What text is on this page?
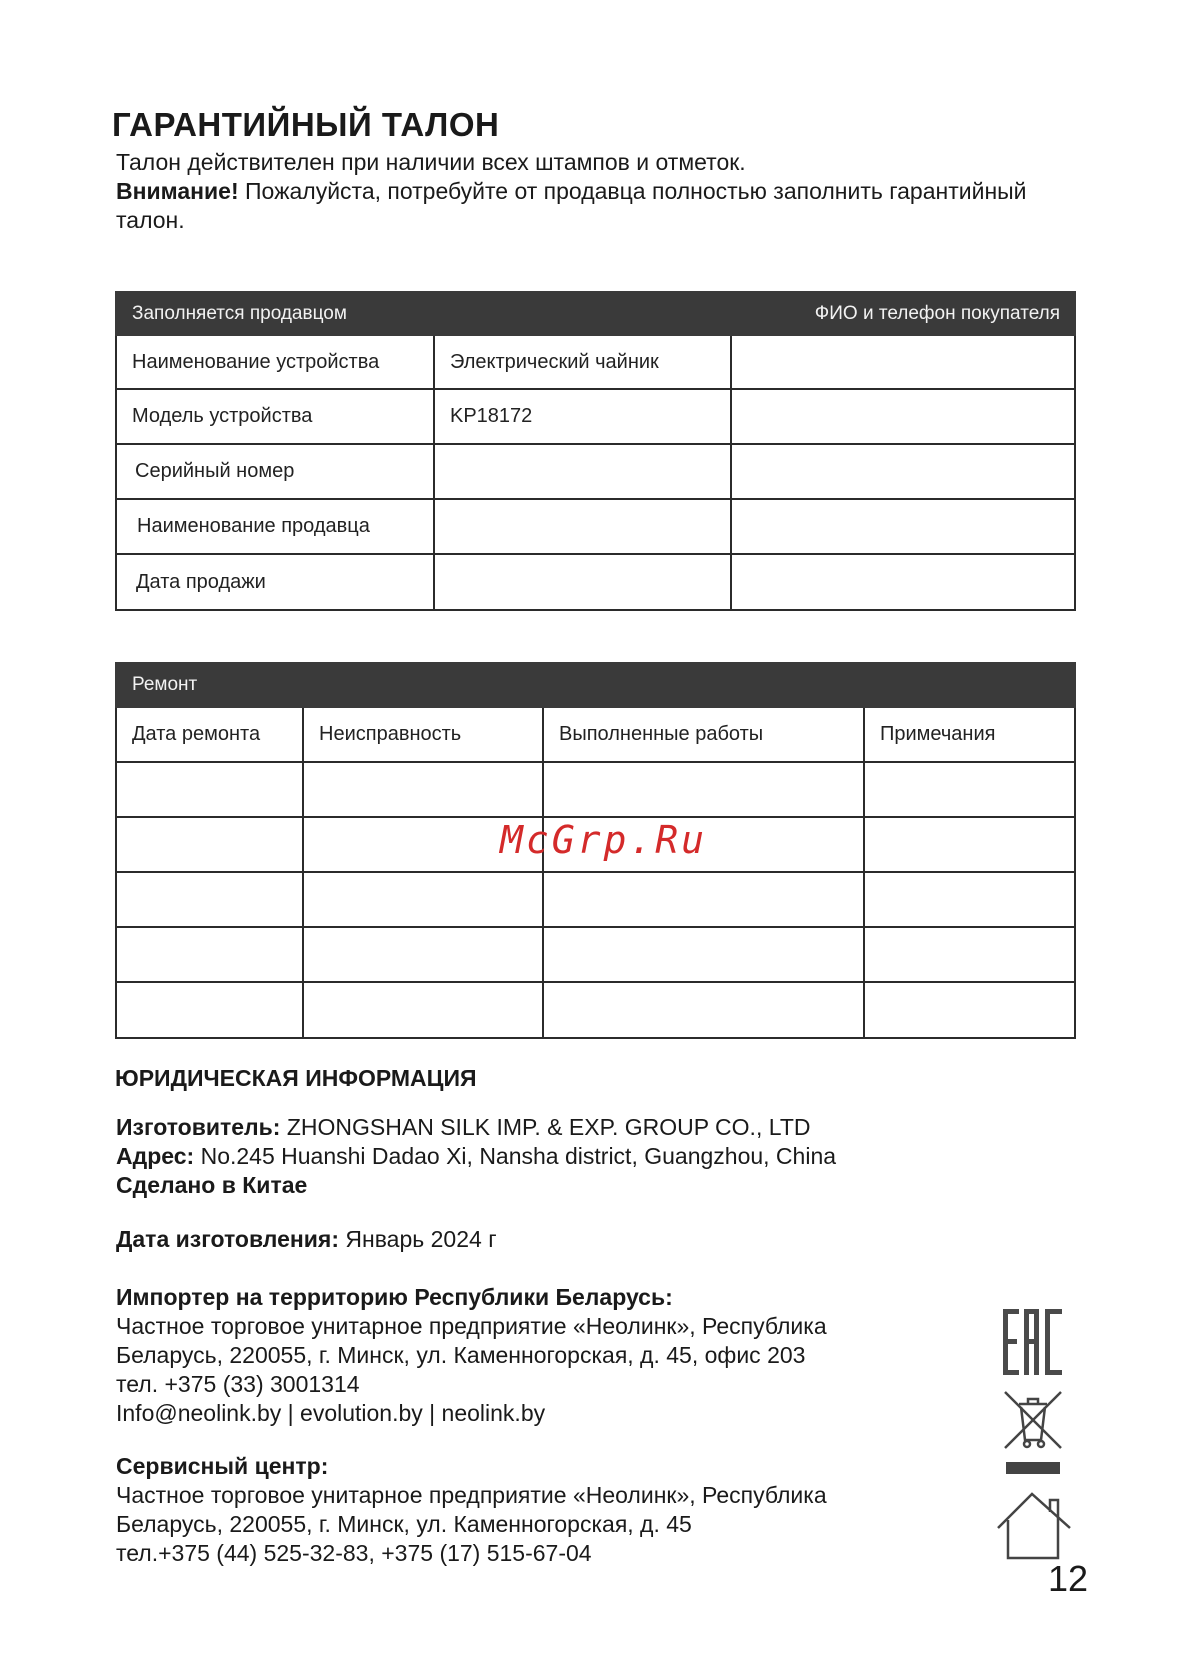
ГАРАНТИЙНЫЙ ТАЛОН

Талон действителен при наличии всех штампов и отметок.
Внимание! Пожалуйста, потребуйте от продавца полностью заполнить гарантийный талон.

Заполняется продавцом		ФИО и телефон покупателя
Наименование устройства	Электрический чайник	
Модель устройства	KP18172	
Серийный номер		
Наименование продавца		
Дата продажи		
Ремонт			
Дата ремонта	Неисправность	Выполненные работы	Примечания

McGrp.Ru
ЮРИДИЧЕСКАЯ ИНФОРМАЦИЯ

Изготовитель: ZHONGSHAN SILK IMP. & EXP. GROUP CO., LTD
Адрес: No.245 Huanshi Dadao Xi, Nansha district, Guangzhou, China
Сделано в Китае

Дата изготовления: Январь 2024 г

Импортер на территорию Республики Беларусь:
Частное торговое унитарное предприятие «Неолинк», Республика
Беларусь, 220055, г. Минск, ул. Каменногорская, д. 45, офис 203
тел. +375 (33) 3001314
Info@neolink.by | evolution.by | neolink.by

Сервисный центр:
Частное торговое унитарное предприятие «Неолинк», Республика
Беларусь, 220055, г. Минск, ул. Каменногорская, д. 45
тел.+375 (44) 525-32-83, +375 (17) 515-67-04

12
